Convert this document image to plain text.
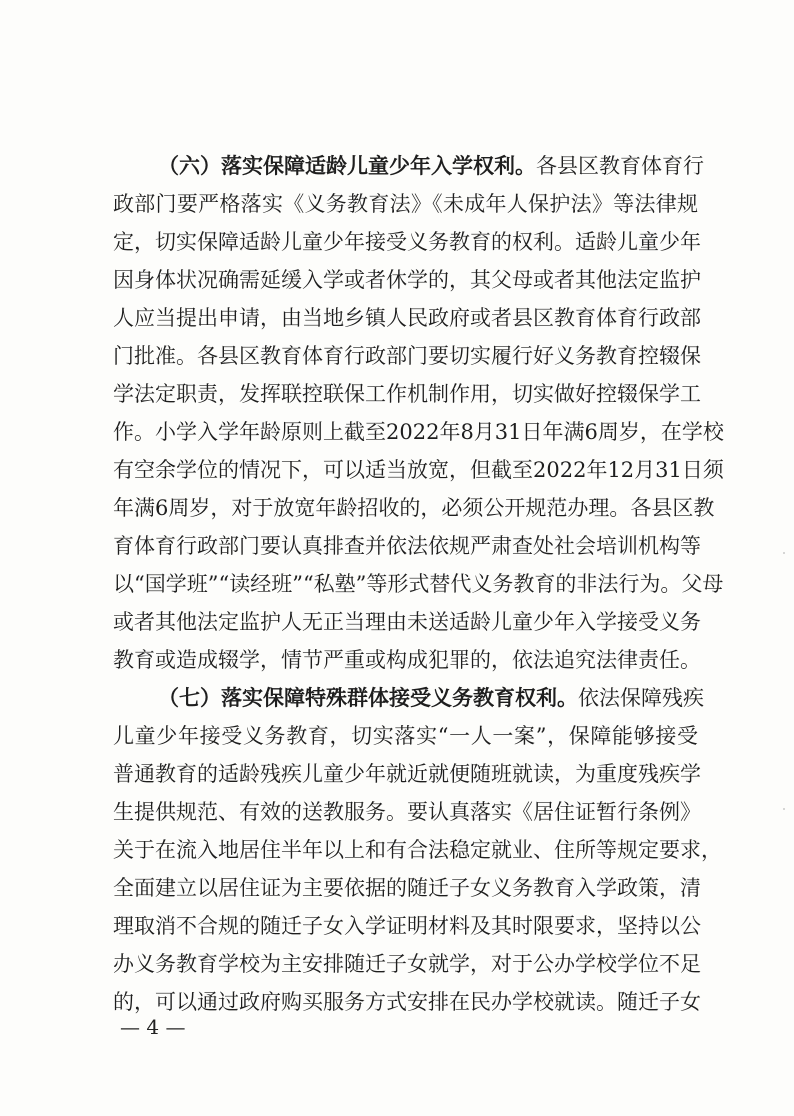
（六）落实保障适龄儿童少年入学权利。各县区教育体育行
政部门要严格落实《义务教育法》《未成年人保护法》等法律规
定，切实保障适龄儿童少年接受义务教育的权利。适龄儿童少年
因身体状况确需延缓入学或者休学的，其父母或者其他法定监护
人应当提出申请，由当地乡镇人民政府或者县区教育体育行政部
门批准。各县区教育体育行政部门要切实履行好义务教育控辍保
学法定职责，发挥联控联保工作机制作用，切实做好控辍保学工
作。小学入学年龄原则上截至2022年8月31日年满6周岁，在学校
有空余学位的情况下，可以适当放宽，但截至2022年12月31日须
年满6周岁，对于放宽年龄招收的，必须公开规范办理。各县区教
育体育行政部门要认真排查并依法依规严肃查处社会培训机构等
以“国学班”“读经班”“私塾”等形式替代义务教育的非法行为。父母
或者其他法定监护人无正当理由未送适龄儿童少年入学接受义务
教育或造成辍学，情节严重或构成犯罪的，依法追究法律责任。
（七）落实保障特殊群体接受义务教育权利。依法保障残疾
儿童少年接受义务教育，切实落实“一人一案”，保障能够接受
普通教育的适龄残疾儿童少年就近就便随班就读，为重度残疾学
生提供规范、有效的送教服务。要认真落实《居住证暂行条例》
关于在流入地居住半年以上和有合法稳定就业、住所等规定要求，
全面建立以居住证为主要依据的随迁子女义务教育入学政策，清
理取消不合规的随迁子女入学证明材料及其时限要求，坚持以公
办义务教育学校为主安排随迁子女就学，对于公办学校学位不足
的，可以通过政府购买服务方式安排在民办学校就读。随迁子女
— 4 —
